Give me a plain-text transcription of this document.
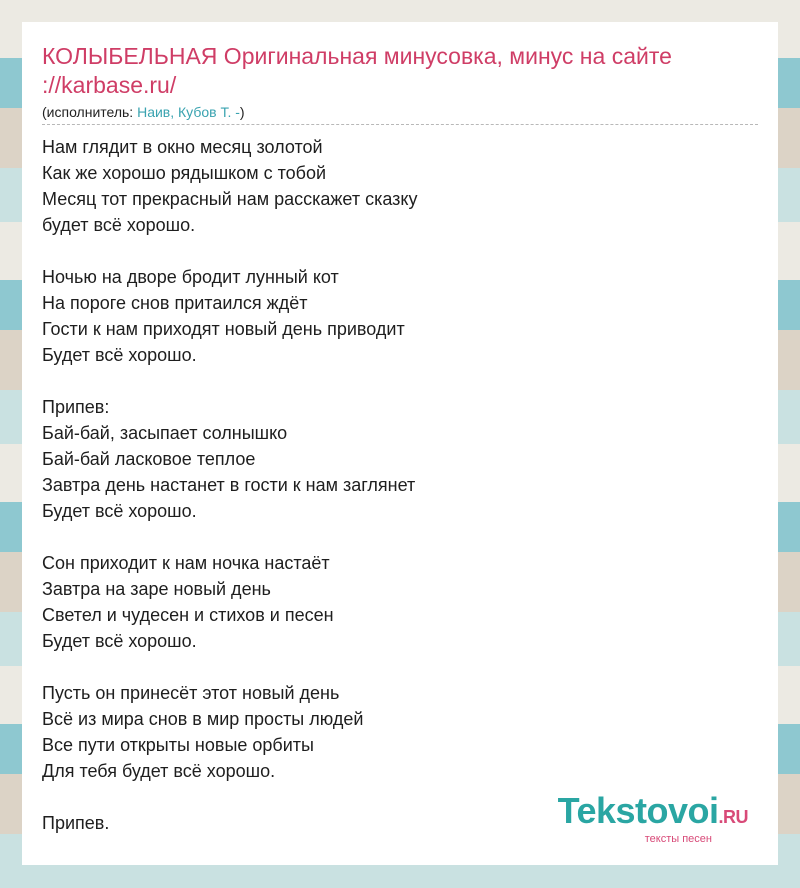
КОЛЫБЕЛЬНАЯ Оригинальная минусовка, минус на сайте ://karbase.ru/
(исполнитель: Наив, Кубов Т. -)
Нам глядит в окно месяц золотой
Как же хорошо рядышком с тобой
Месяц тот прекрасный нам расскажет сказку
будет всё хорошо.
Ночью на дворе бродит лунный кот
На пороге снов притаился ждёт
Гости к нам приходят новый день приводит
Будет всё хорошо.
Припев:
Бай-бай, засыпает солнышко
Бай-бай ласковое теплое
Завтра день настанет в гости к нам заглянет
Будет всё хорошо.
Сон приходит к нам ночка настаёт
Завтра на заре новый день
Светел и чудесен и стихов и песен
Будет всё хорошо.
Пусть он принесёт этот новый день
Всё из мира снов в мир просты людей
Все пути открыты новые орбиты
Для тебя будет всё хорошо.
Припев.	Tekstovoi.RU
тексты песен
